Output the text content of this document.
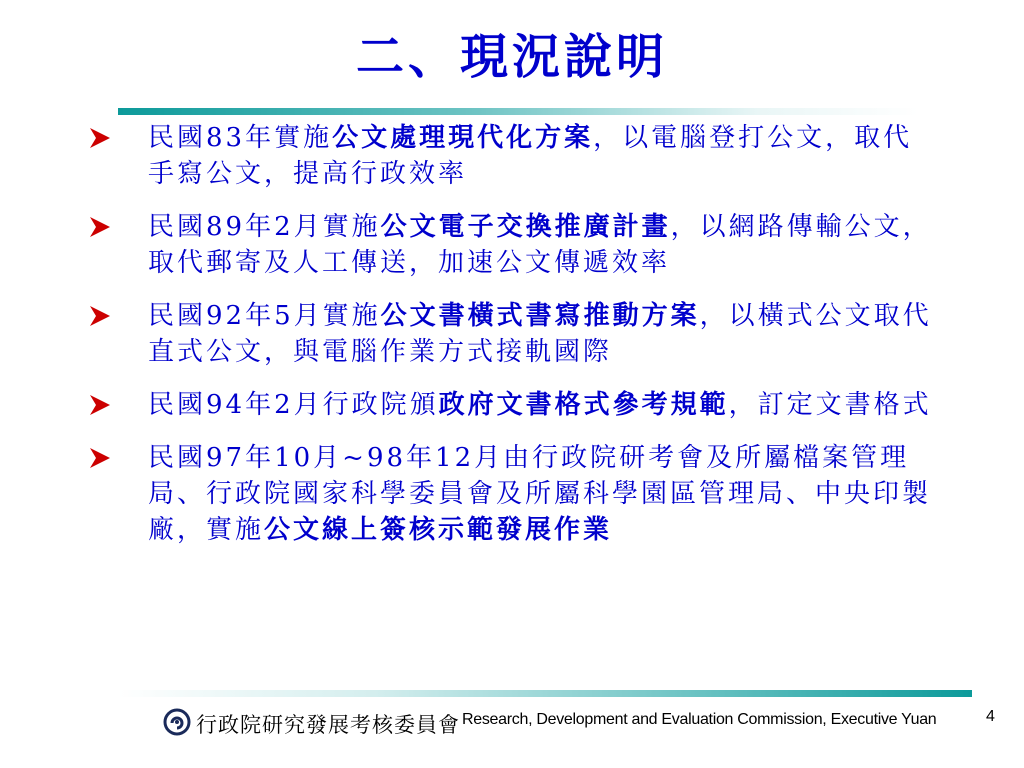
二、現況說明
民國83年實施公文處理現代化方案，以電腦登打公文，取代手寫公文，提高行政效率
民國89年2月實施公文電子交換推廣計畫，以網路傳輸公文，取代郵寄及人工傳送，加速公文傳遞效率
民國92年5月實施公文書橫式書寫推動方案，以橫式公文取代直式公文，與電腦作業方式接軌國際
民國94年2月行政院頒政府文書格式參考規範，訂定文書格式
民國97年10月~98年12月由行政院研考會及所屬檔案管理局、行政院國家科學委員會及所屬科學園區管理局、中央印製廠，實施公文線上簽核示範發展作業
行政院研究發展考核委員會 Research, Development and Evaluation Commission, Executive Yuan	4
